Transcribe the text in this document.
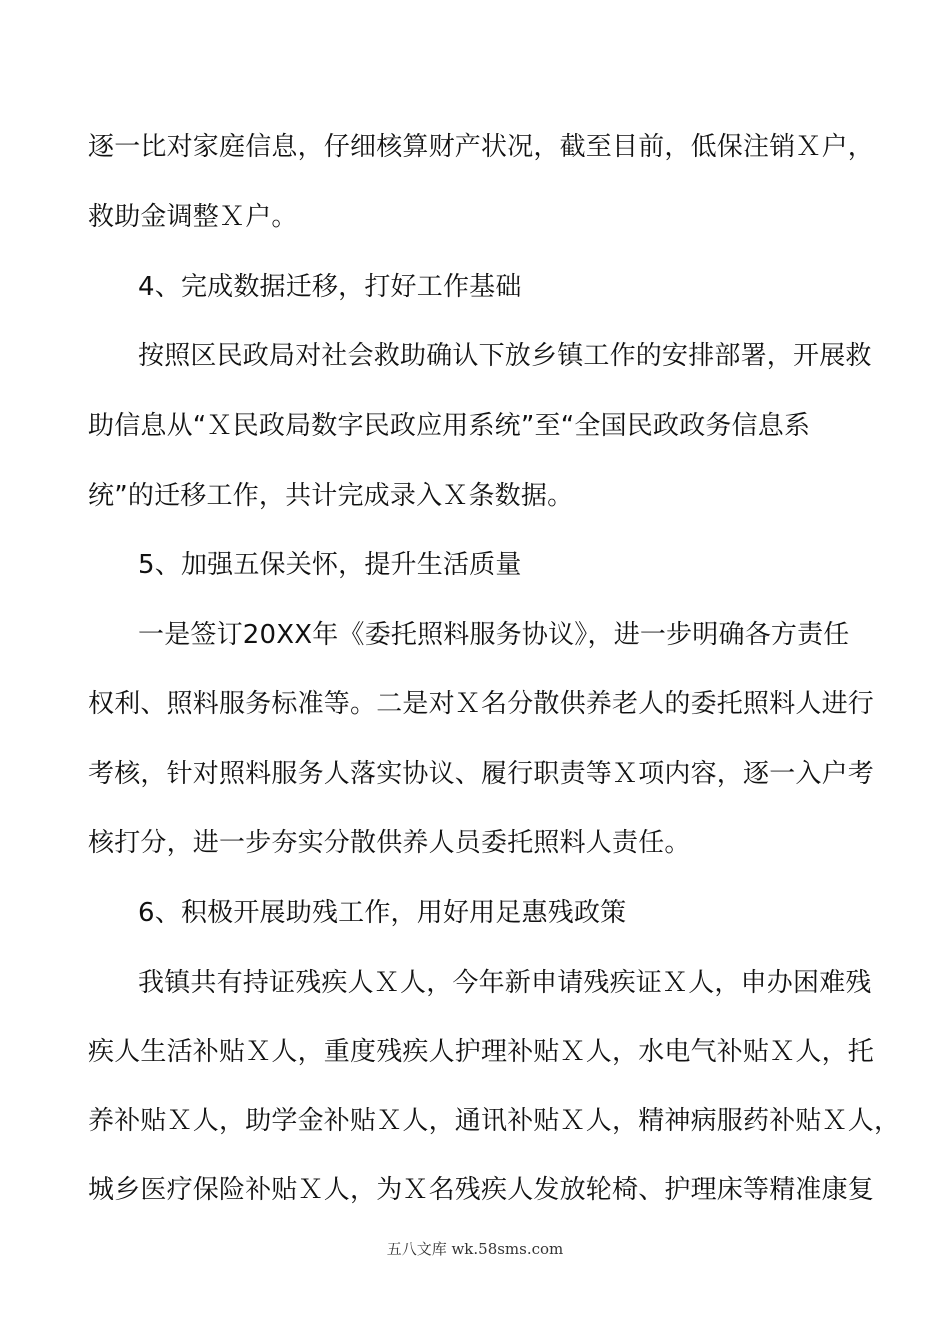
逐一比对家庭信息，仔细核算财产状况，截至目前，低保注销Ｘ户，
救助金调整Ｘ户。
4、完成数据迁移，打好工作基础
按照区民政局对社会救助确认下放乡镇工作的安排部署，开展救
助信息从“Ｘ民政局数字民政应用系统”至“全国民政政务信息系
统”的迁移工作，共计完成录入Ｘ条数据。
5、加强五保关怀，提升生活质量
一是签订20XX年《委托照料服务协议》，进一步明确各方责任
权利、照料服务标准等。二是对Ｘ名分散供养老人的委托照料人进行
考核，针对照料服务人落实协议、履行职责等Ｘ项内容，逐一入户考
核打分，进一步夯实分散供养人员委托照料人责任。
6、积极开展助残工作，用好用足惠残政策
我镇共有持证残疾人Ｘ人，今年新申请残疾证Ｘ人，申办困难残
疾人生活补贴Ｘ人，重度残疾人护理补贴Ｘ人，水电气补贴Ｘ人，托
养补贴Ｘ人，助学金补贴Ｘ人，通讯补贴Ｘ人，精神病服药补贴Ｘ人，
城乡医疗保险补贴Ｘ人，为Ｘ名残疾人发放轮椅、护理床等精准康复
五八文库 wk.58sms.com
